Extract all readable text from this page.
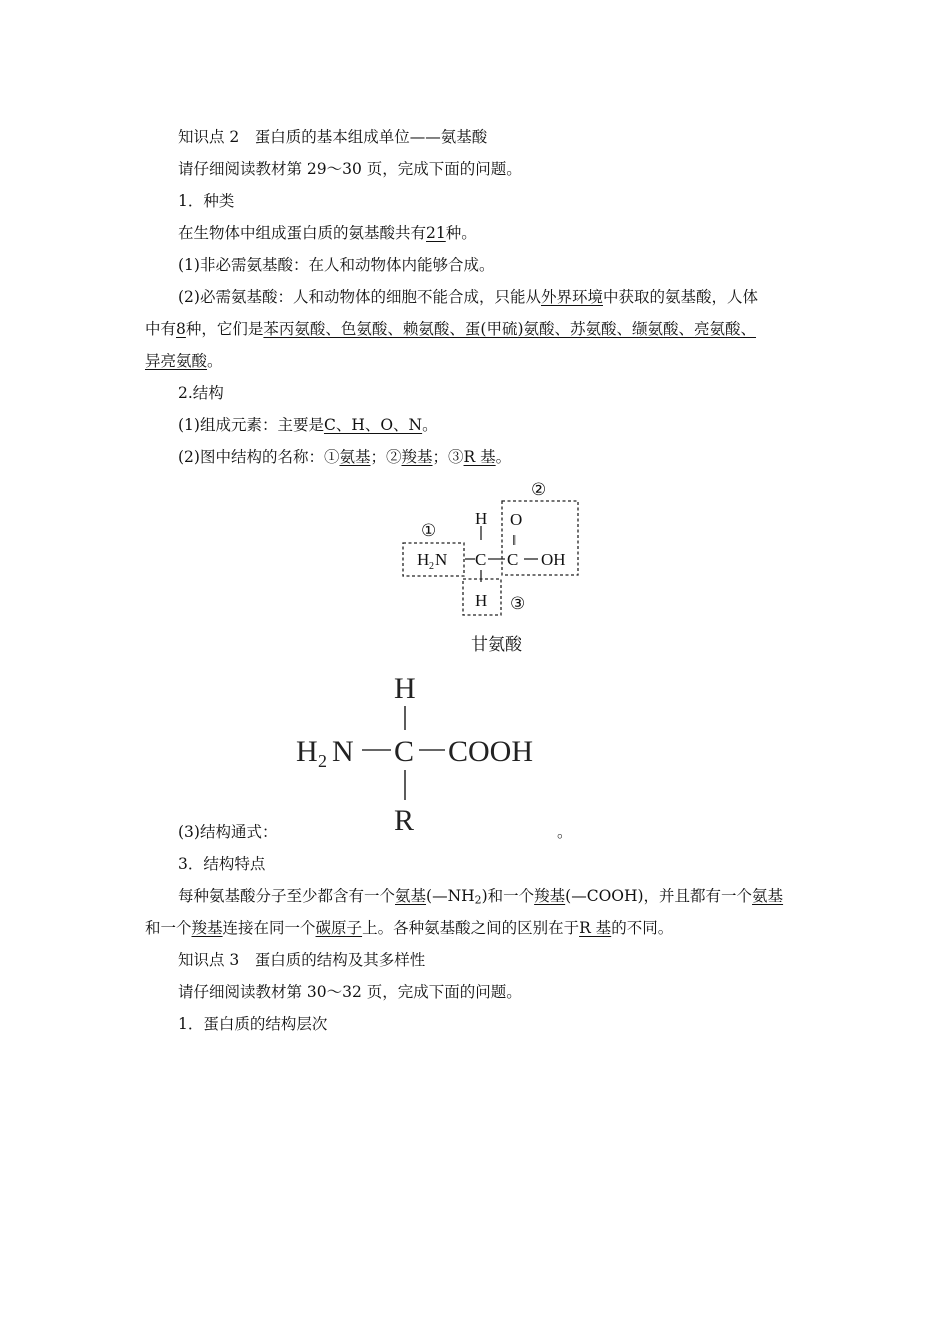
知识点 2　蛋白质的基本组成单位——氨基酸
请仔细阅读教材第 29～30 页，完成下面的问题。
1．种类
在生物体中组成蛋白质的氨基酸共有21种。
(1)非必需氨基酸：在人和动物体内能够合成。
(2)必需氨基酸：人和动物体的细胞不能合成，只能从外界环境中获取的氨基酸，人体
中有8种，它们是苯丙氨酸、色氨酸、赖氨酸、蛋(甲硫)氨酸、苏氨酸、缬氨酸、亮氨酸、
异亮氨酸。
2.结构
(1)组成元素：主要是C、H、O、N。
(2)图中结构的名称：①氨基；②羧基；③R 基。
①
②
③
H O
‖
H 2 N C C OH
H
甘氨酸
H
H 2 N C COOH
R
(3)结构通式：	。
3．结构特点
每种氨基酸分子至少都含有一个氨基$(—NH_2)$和一个羧基(—COOH)，并且都有一个氨基
和一个羧基连接在同一个碳原子上。各种氨基酸之间的区别在于R 基的不同。
知识点 3　蛋白质的结构及其多样性
请仔细阅读教材第 30～32 页，完成下面的问题。
1．蛋白质的结构层次
